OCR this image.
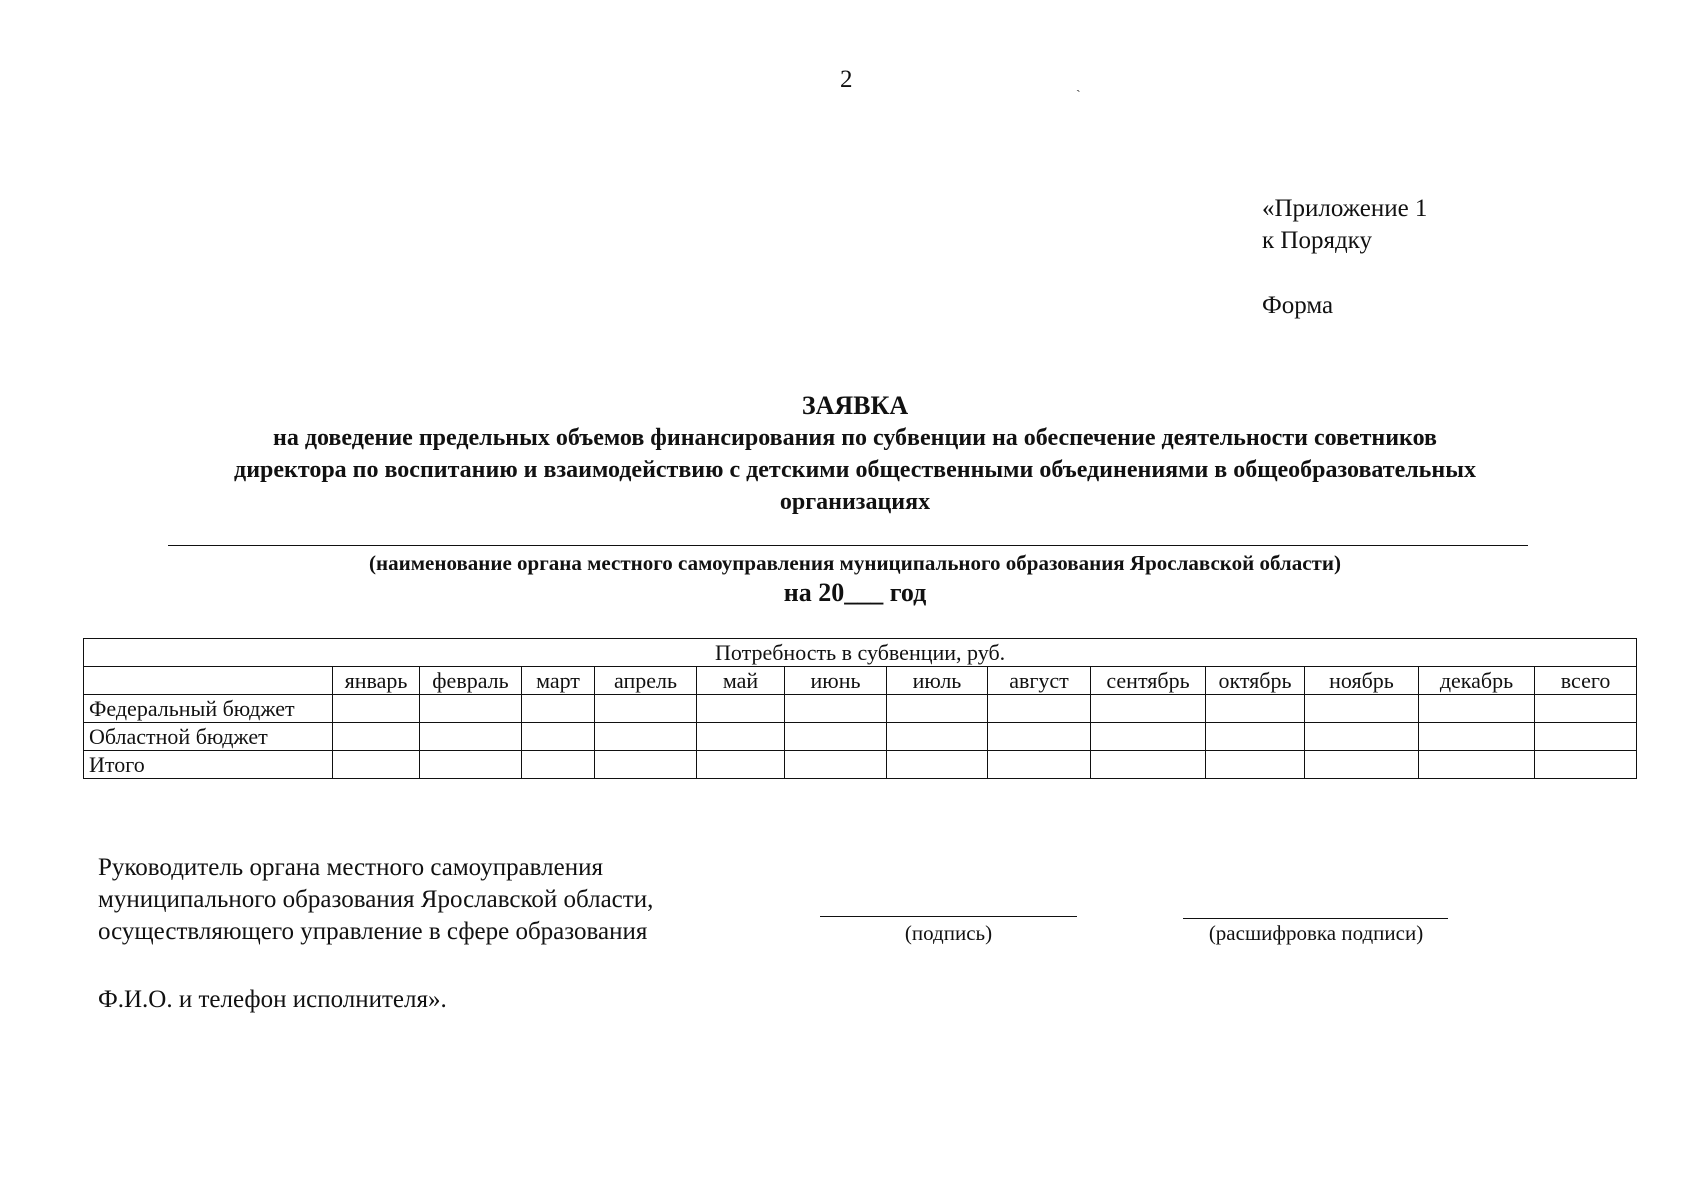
2	ˏ
«Приложение 1
к Порядку
Форма
ЗАЯВКА
на доведение предельных объемов финансирования по субвенции на обеспечение деятельности советников
директора по воспитанию и взаимодействию с детскими общественными объединениями в общеобразовательных
организациях
(наименование органа местного самоуправления муниципального образования Ярославской области)
на 20___ год
Потребность в субвенции, руб.													
	январь	февраль	март	апрель	май	июнь	июль	август	сентябрь	октябрь	ноябрь	декабрь	всего
Федеральный бюджет													
Областной бюджет													
Итого													
Руководитель органа местного самоуправления
муниципального образования Ярославской области,
осуществляющего управление в сфере образования	(подпись)	(расшифровка подписи)
Ф.И.О. и телефон исполнителя».
